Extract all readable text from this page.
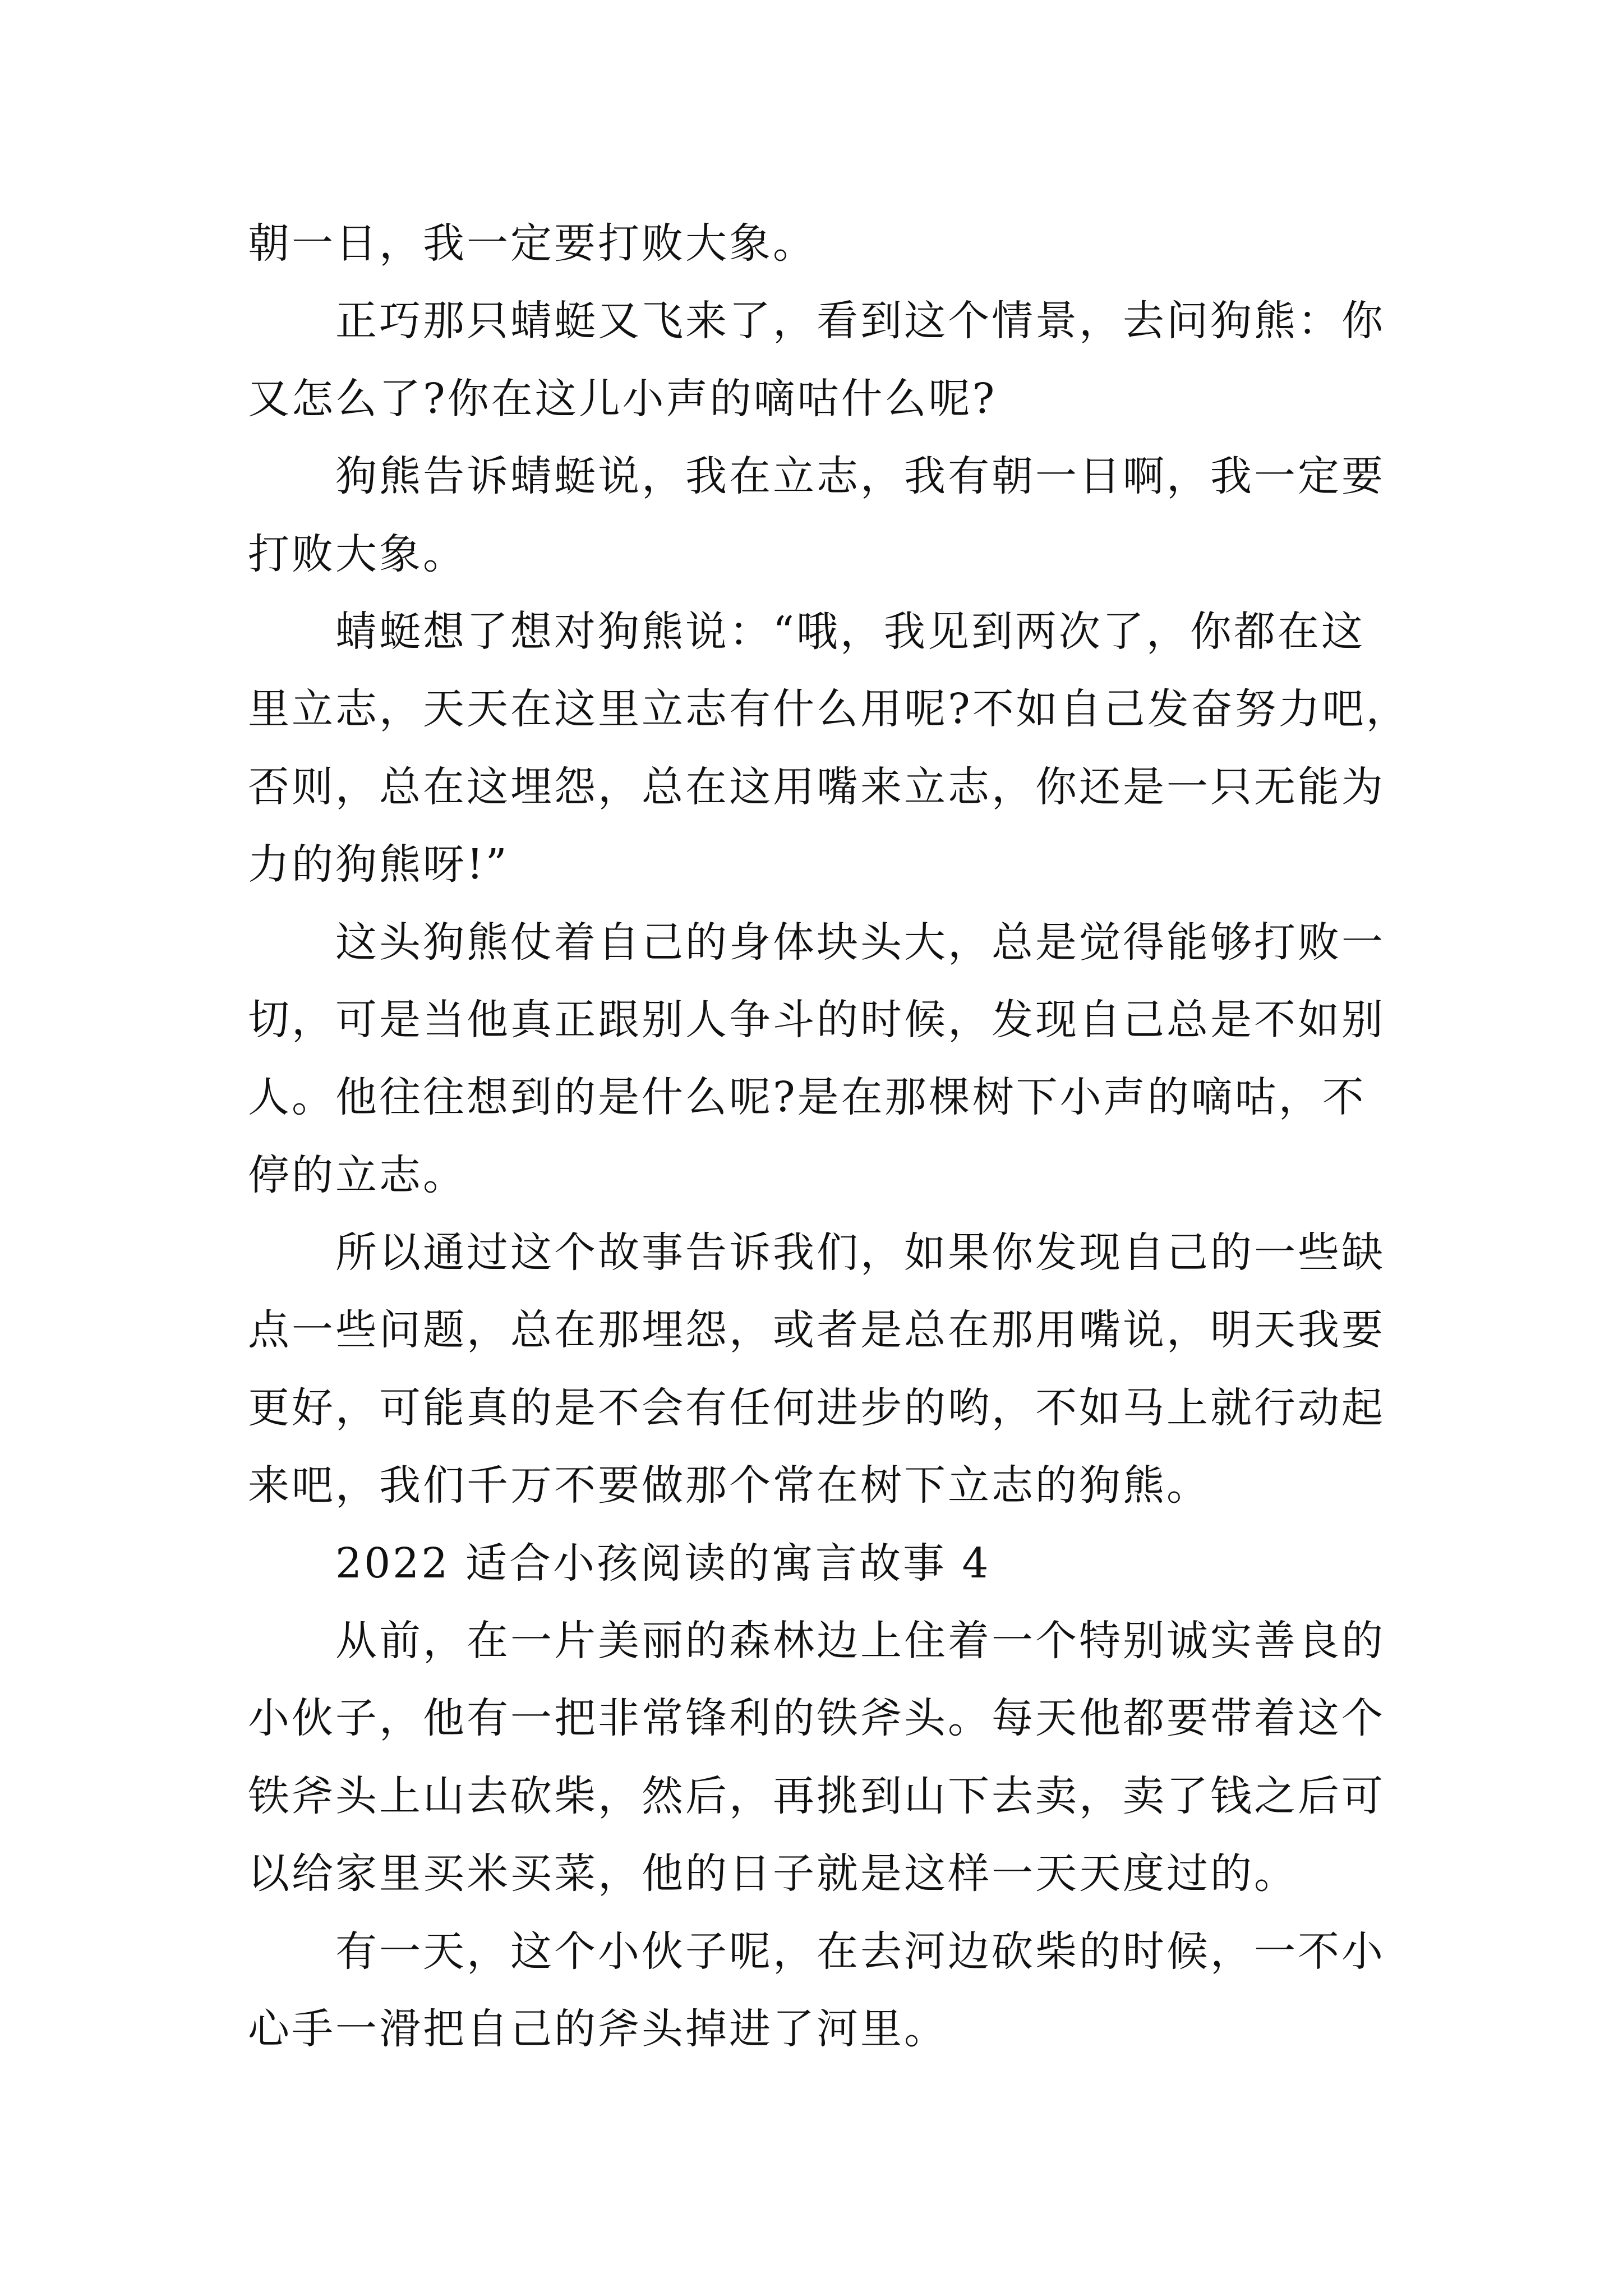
朝一日，我一定要打败大象。
正巧那只蜻蜓又飞来了，看到这个情景，去问狗熊：你
又怎么了?你在这儿小声的嘀咕什么呢?
狗熊告诉蜻蜓说，我在立志，我有朝一日啊，我一定要
打败大象。
蜻蜓想了想对狗熊说：“哦，我见到两次了，你都在这
里立志，天天在这里立志有什么用呢?不如自己发奋努力吧，
否则，总在这埋怨，总在这用嘴来立志，你还是一只无能为
力的狗熊呀!”
这头狗熊仗着自己的身体块头大，总是觉得能够打败一
切，可是当他真正跟别人争斗的时候，发现自己总是不如别
人。他往往想到的是什么呢?是在那棵树下小声的嘀咕，不
停的立志。
所以通过这个故事告诉我们，如果你发现自己的一些缺
点一些问题，总在那埋怨，或者是总在那用嘴说，明天我要
更好，可能真的是不会有任何进步的哟，不如马上就行动起
来吧，我们千万不要做那个常在树下立志的狗熊。
2022 适合小孩阅读的寓言故事 4
从前，在一片美丽的森林边上住着一个特别诚实善良的
小伙子，他有一把非常锋利的铁斧头。每天他都要带着这个
铁斧头上山去砍柴，然后，再挑到山下去卖，卖了钱之后可
以给家里买米买菜，他的日子就是这样一天天度过的。
有一天，这个小伙子呢，在去河边砍柴的时候，一不小
心手一滑把自己的斧头掉进了河里。
